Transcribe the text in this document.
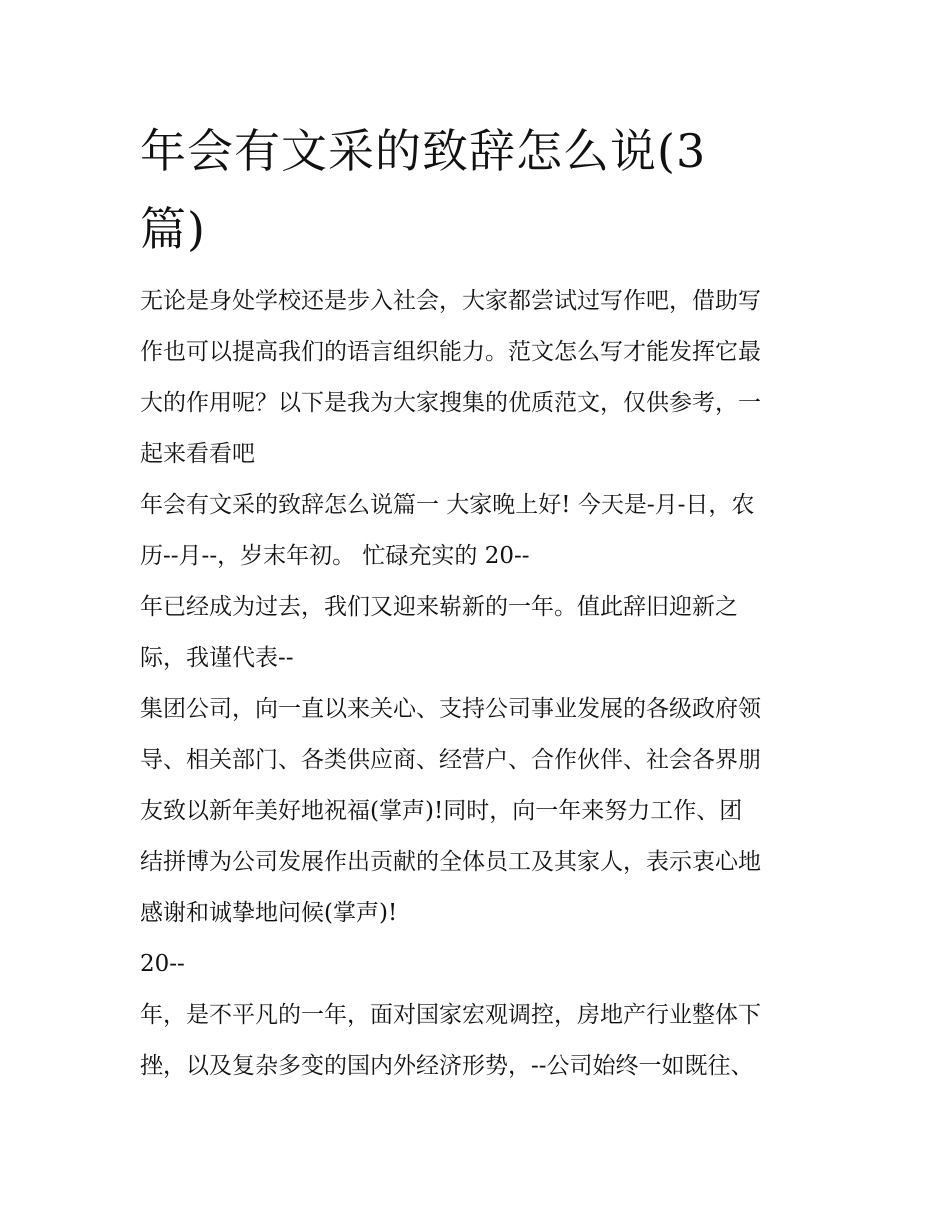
年会有文采的致辞怎么说(3
篇)
无论是身处学校还是步入社会，大家都尝试过写作吧，借助写
作也可以提高我们的语言组织能力。范文怎么写才能发挥它最
大的作用呢？以下是我为大家搜集的优质范文，仅供参考，一
起来看看吧
年会有文采的致辞怎么说篇一 大家晚上好! 今天是-月-日，农
历--月--，岁末年初。 忙碌充实的 20--
年已经成为过去，我们又迎来崭新的一年。值此辞旧迎新之
际，我谨代表--
集团公司，向一直以来关心、支持公司事业发展的各级政府领
导、相关部门、各类供应商、经营户、合作伙伴、社会各界朋
友致以新年美好地祝福(掌声)!同时，向一年来努力工作、团
结拼博为公司发展作出贡献的全体员工及其家人，表示衷心地
感谢和诚挚地问候(掌声)!
20--
年，是不平凡的一年，面对国家宏观调控，房地产行业整体下
挫，以及复杂多变的国内外经济形势，--公司始终一如既往、
